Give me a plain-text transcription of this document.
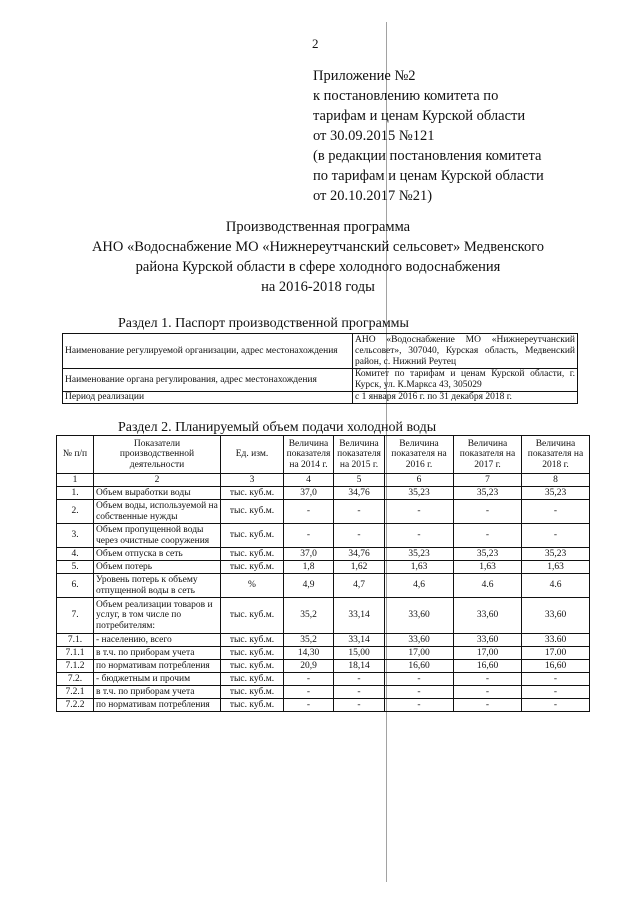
2
Приложение №2
к постановлению комитета по
тарифам и ценам Курской области
от 30.09.2015 №121
(в редакции постановления комитета
по тарифам и ценам Курской области
от 20.10.2017 №21)
Производственная программа
АНО «Водоснабжение МО «Нижнереутчанский сельсовет» Медвенского
района Курской области в сфере холодного водоснабжения
на 2016-2018 годы
Раздел 1. Паспорт производственной программы
Наименование регулируемой организации, адрес местонахождения	АНО «Водоснабжение МО «Нижнереутчанский сельсовет», 307040, Курская область, Медвенский район, с. Нижний Реутец
Наименование органа регулирования, адрес местонахождения	Комитет по тарифам и ценам Курской области, г. Курск, ул. К.Маркса 43, 305029
Период реализации	с 1 января 2016 г. по 31 декабря 2018 г.
Раздел 2. Планируемый объем подачи холодной воды
№ п/п	Показатели производственной деятельности	Ед. изм.	Величина показателя на 2014 г.	Величина показателя на 2015 г.	Величина показателя на 2016 г.	Величина показателя на 2017 г.	Величина показателя на 2018 г.
1	2	3	4	5	6	7	8
1.	Объем выработки воды	тыс. куб.м.	37,0	34,76	35,23	35,23	35,23
2.	Объем воды, используемой на собственные нужды	тыс. куб.м.	-	-	-	-	-
3.	Объем пропущенной воды через очистные сооружения	тыс. куб.м.	-	-	-	-	-
4.	Объем отпуска в сеть	тыс. куб.м.	37,0	34,76	35,23	35,23	35,23
5.	Объем потерь	тыс. куб.м.	1,8	1,62	1,63	1,63	1,63
6.	Уровень потерь к объему отпущенной воды в сеть	%	4,9	4,7	4,6	4.6	4.6
7.	Объем реализации товаров и услуг, в том числе по потребителям:	тыс. куб.м.	35,2	33,14	33,60	33,60	33,60
7.1.	- населению, всего	тыс. куб.м.	35,2	33,14	33,60	33,60	33.60
7.1.1	в т.ч. по приборам учета	тыс. куб.м.	14,30	15,00	17,00	17,00	17.00
7.1.2	по нормативам потребления	тыс. куб.м.	20,9	18,14	16,60	16,60	16,60
7.2.	- бюджетным и прочим	тыс. куб.м.	-	-	-	-	-
7.2.1	в т.ч. по приборам учета	тыс. куб.м.	-	-	-	-	-
7.2.2	по нормативам потребления	тыс. куб.м.	-	-	-	-	-
